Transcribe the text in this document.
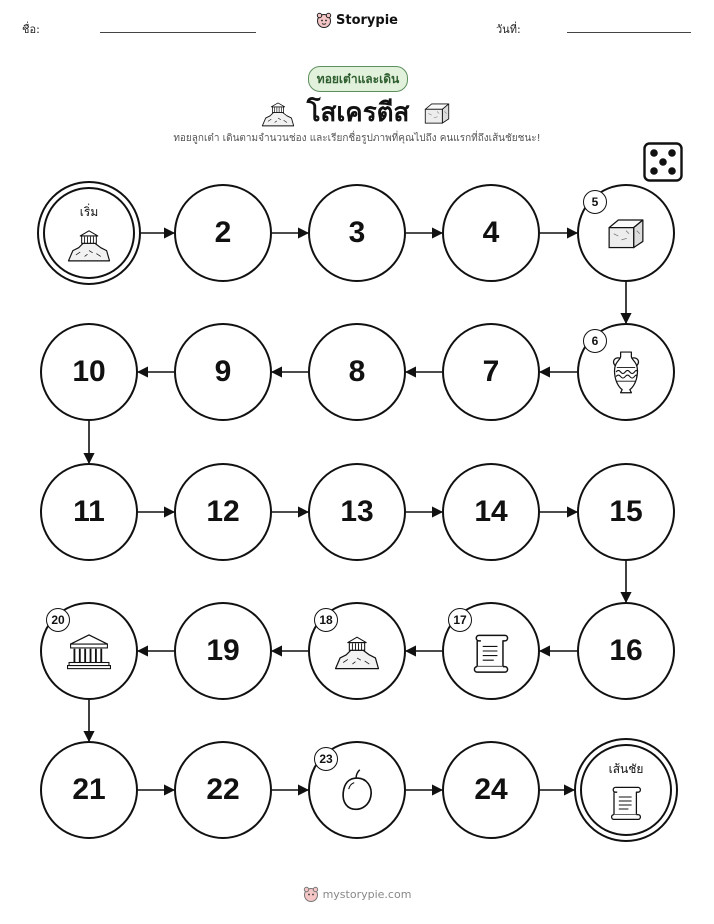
ชื่อ:
Storypie
วันที่:
ทอยเต๋าและเดิน
โสเครตีส
ทอยลูกเต๋า เดินตามจำนวนช่อง และเรียกชื่อรูปภาพที่คุณไปถึง คนแรกที่ถึงเส้นชัยชนะ!
เริ่ม
2	3	4
5
6
7
8
9
10
11	12	13	14	15
16
17
18
19
20
21	22
23
24
เส้นชัย
mystorypie.com
